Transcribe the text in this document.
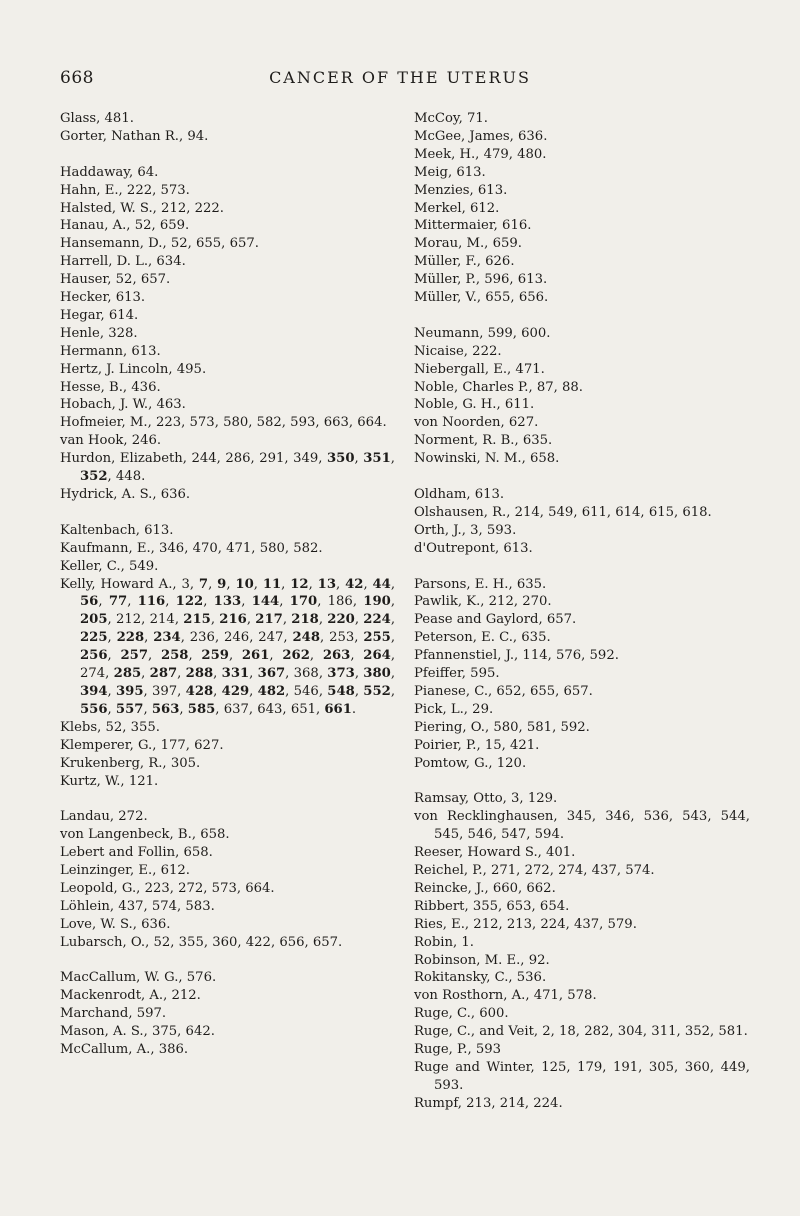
668	CANCER OF THE UTERUS
Glass, 481.
Gorter, Nathan R., 94.
Haddaway, 64.
Hahn, E., 222, 573.
Halsted, W. S., 212, 222.
Hanau, A., 52, 659.
Hansemann, D., 52, 655, 657.
Harrell, D. L., 634.
Hauser, 52, 657.
Hecker, 613.
Hegar, 614.
Henle, 328.
Hermann, 613.
Hertz, J. Lincoln, 495.
Hesse, B., 436.
Hobach, J. W., 463.
Hofmeier, M., 223, 573, 580, 582, 593, 663, 664.
van Hook, 246.
Hurdon, Elizabeth, 244, 286, 291, 349, 350, 351, 352, 448.
Hydrick, A. S., 636.
Kaltenbach, 613.
Kaufmann, E., 346, 470, 471, 580, 582.
Keller, C., 549.
Kelly, Howard A., 3, 7, 9, 10, 11, 12, 13, 42, 44, 56, 77, 116, 122, 133, 144, 170, 186, 190, 205, 212, 214, 215, 216, 217, 218, 220, 224, 225, 228, 234, 236, 246, 247, 248, 253, 255, 256, 257, 258, 259, 261, 262, 263, 264, 274, 285, 287, 288, 331, 367, 368, 373, 380, 394, 395, 397, 428, 429, 482, 546, 548, 552, 556, 557, 563, 585, 637, 643, 651, 661.
Klebs, 52, 355.
Klemperer, G., 177, 627.
Krukenberg, R., 305.
Kurtz, W., 121.
Landau, 272.
von Langenbeck, B., 658.
Lebert and Follin, 658.
Leinzinger, E., 612.
Leopold, G., 223, 272, 573, 664.
Löhlein, 437, 574, 583.
Love, W. S., 636.
Lubarsch, O., 52, 355, 360, 422, 656, 657.
MacCallum, W. G., 576.
Mackenrodt, A., 212.
Marchand, 597.
Mason, A. S., 375, 642.
McCallum, A., 386.
McCoy, 71.
McGee, James, 636.
Meek, H., 479, 480.
Meig, 613.
Menzies, 613.
Merkel, 612.
Mittermaier, 616.
Morau, M., 659.
Müller, F., 626.
Müller, P., 596, 613.
Müller, V., 655, 656.
Neumann, 599, 600.
Nicaise, 222.
Niebergall, E., 471.
Noble, Charles P., 87, 88.
Noble, G. H., 611.
von Noorden, 627.
Norment, R. B., 635.
Nowinski, N. M., 658.
Oldham, 613.
Olshausen, R., 214, 549, 611, 614, 615, 618.
Orth, J., 3, 593.
d'Outrepont, 613.
Parsons, E. H., 635.
Pawlik, K., 212, 270.
Pease and Gaylord, 657.
Peterson, E. C., 635.
Pfannenstiel, J., 114, 576, 592.
Pfeiffer, 595.
Pianese, C., 652, 655, 657.
Pick, L., 29.
Piering, O., 580, 581, 592.
Poirier, P., 15, 421.
Pomtow, G., 120.
Ramsay, Otto, 3, 129.
von Recklinghausen, 345, 346, 536, 543, 544, 545, 546, 547, 594.
Reeser, Howard S., 401.
Reichel, P., 271, 272, 274, 437, 574.
Reincke, J., 660, 662.
Ribbert, 355, 653, 654.
Ries, E., 212, 213, 224, 437, 579.
Robin, 1.
Robinson, M. E., 92.
Rokitansky, C., 536.
von Rosthorn, A., 471, 578.
Ruge, C., 600.
Ruge, C., and Veit, 2, 18, 282, 304, 311, 352, 581.
Ruge, P., 593
Ruge and Winter, 125, 179, 191, 305, 360, 449, 593.
Rumpf, 213, 214, 224.
